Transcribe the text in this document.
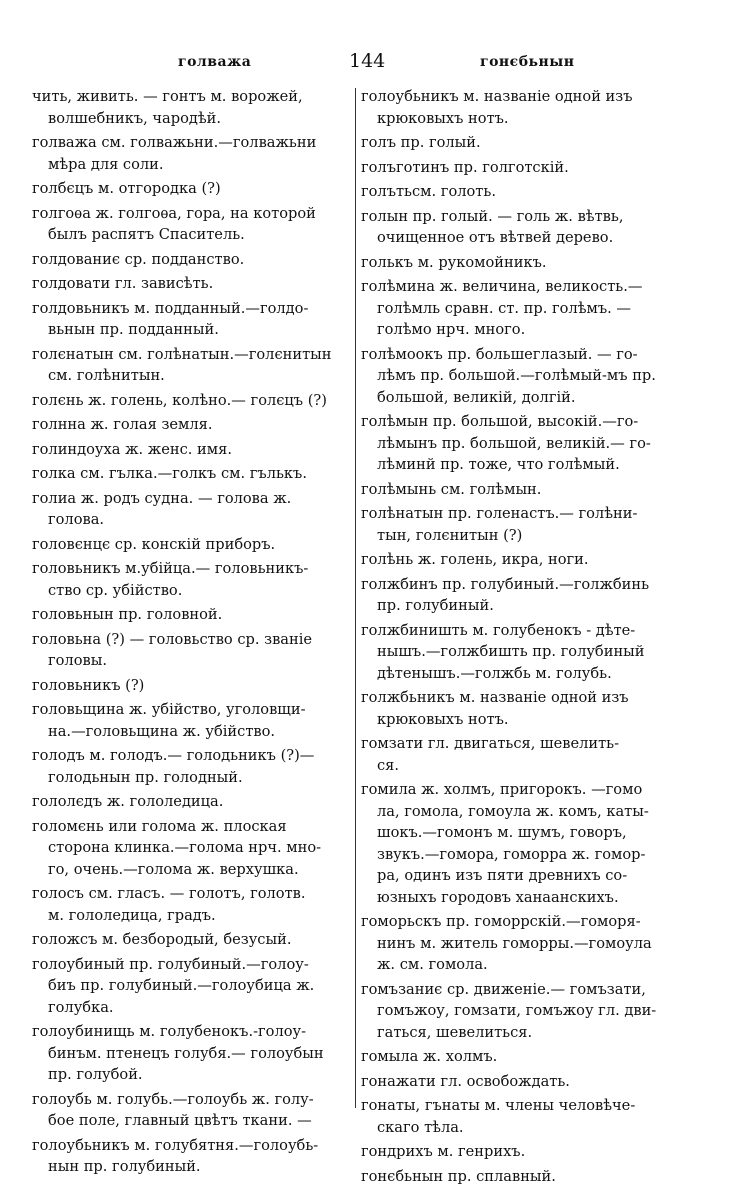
голважа	144	гонєбьнын
чить, живить. — гонтъ м. ворожей,
волшебникъ, чародѣй.
голважа см. голважьни.—голважьни
мѣра для соли.
голбєцъ м. отгородка (?)
голгоѳа ж. голгоѳа, гора, на которой
былъ распятъ Спаситель.
голдованиє ср. подданство.
голдовати гл. зависѣть.
голдовьникъ м. подданный.—голдо-
вьнын пр. подданный.
голєнатын см. голѣнатын.—голєнитын
см. голѣнитын.
голєнь ж. голень, колѣно.— голєцъ (?)
голнна ж. голая земля.
голиндоуха ж. женс. имя.
голка см. гълка.—голкъ см. гълькъ.
голиа ж. родъ судна. — голова ж.
голова.
головєнцє ср. конскій приборъ.
головьникъ м.убійца.— головьникъ-
ство ср. убійство.
головьнын пр. головной.
головьна (?) — головьство ср. званіе
головы.
головьникъ (?)
головьщина ж. убійство, уголовщи-
на.—головьщина ж. убійство.
голодъ м. голодъ.— голодьникъ (?)—
голодьнын пр. голодный.
гололєдъ ж. гололедица.
голомєнь или голома ж. плоская
сторона клинка.—голома нрч. мно-
го, очень.—голома ж. верхушка.
голосъ см. гласъ. — голотъ, голотв.
м. гололедица, градъ.
голожсъ м. безбородый, безусый.
голоубиный пр. голубиный.—голоу-
биъ пр. голубиный.—голоубица ж.
голубка.
голоубинищь м. голубенокъ.-голоу-
бинъм. птенецъ голубя.— голоубын
пр. голубой.
голоубь м. голубь.—голоубь ж. голу-
бое поле, главный цвѣтъ ткани. —
голоубьникъ м. голубятня.—голоубь-
нын пр. голубиный.
голоубьникъ м. названіе одной изъ
крюковыхъ нотъ.
голъ пр. голый.
голъготинъ пр. голготскій.
голътьсм. голоть.
голын пр. голый. — голь ж. вѣтвь,
очищенное отъ вѣтвей дерево.
голькъ м. рукомойникъ.
голѣмина ж. величина, великость.—
голѣмль сравн. ст. пр. голѣмъ. —
голѣмо нрч. много.
голѣмоокъ пр. большеглазый. — го-
лѣмъ пр. большой.—голѣмый-мъ пр.
большой, великій, долгій.
голѣмын пр. большой, высокій.—го-
лѣмынъ пр. большой, великій.— го-
лѣминй пр. тоже, что голѣмый.
голѣмынь см. голѣмын.
голѣнатын пр. голенастъ.— голѣни-
тын, голєнитын (?)
голѣнь ж. голень, икра, ноги.
голжбинъ пр. голубиный.—голжбинь
пр. голубиный.
голжбиништь м. голубенокъ - дѣте-
нышъ.—голжбишть пр. голубиный
дѣтенышъ.—голжбь м. голубь.
голжбьникъ м. названіе одной изъ
крюковыхъ нотъ.
гомзати гл. двигаться, шевелить-
ся.
гомила ж. холмъ, пригорокъ. —гомо
ла, гомола, гомоула ж. комъ, каты-
шокъ.—гомонъ м. шумъ, говоръ,
звукъ.—гомора, гоморра ж. гомор-
ра, одинъ изъ пяти древнихъ со-
юзныхъ городовъ ханаанскихъ.
гоморьскъ пр. гоморрскій.—гоморя-
нинъ м. житель гоморры.—гомоула
ж. см. гомола.
гомъзаниє ср. движеніе.— гомъзати,
гомъжоу, гомзати, гомъжоу гл. дви-
гаться, шевелиться.
гомыла ж. холмъ.
гонажати гл. освобождать.
гонаты, гънаты м. члены человѣче-
скаго тѣла.
гондрихъ м. генрихъ.
гонєбьнын пр. сплавный.
